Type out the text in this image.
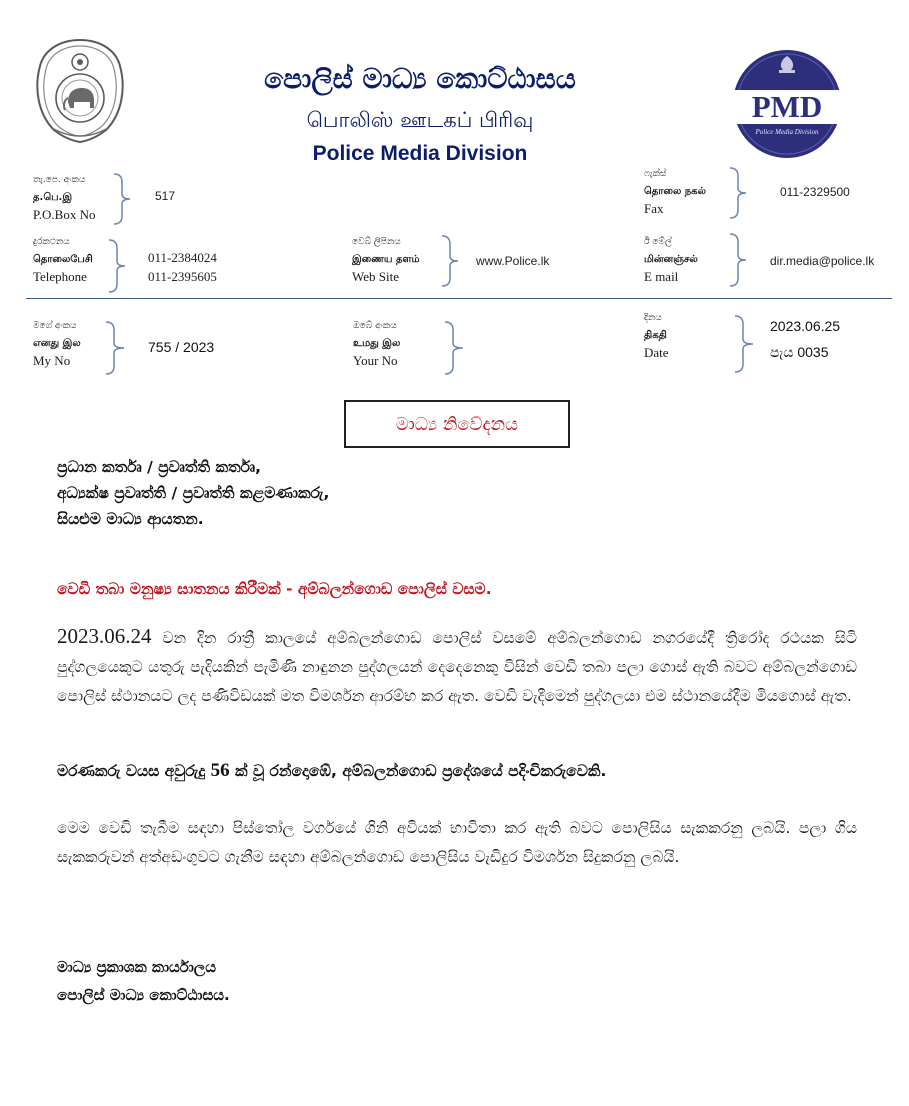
පොලිස් මාධ්‍ය කොට්ඨාසය
பொலிஸ் ஊடகப் பிரிவு
Police Media Division
PMD
Police Media Division
තැ.පෙ. අංකය
த.பெ.இ
P.O.Box No
517
ෆැක්ස්
தொலை நகல்
Fax
011-2329500
දුරකථනය
தொலைபேசி
Telephone
011-2384024
011-2395605
වෙබ් ලිපිනය
இணைய தளம்
Web Site
www.Police.lk
ඊ මේල්
மின்னஞ்சல்
E mail
dir.media@police.lk
මගේ අංකය
எனது இல
My No
755 / 2023
ඔබේ අංකය
உமது இல
Your No
දිනය
திகதி
Date
2023.06.25
පැය 0035
මාධ්‍ය නිවේදනය
ප්‍රධාන කර්තෘ / ප්‍රවෘත්ති කර්තෘ,
අධ්‍යක්ෂ ප්‍රවෘත්ති / ප්‍රවෘත්ති කළමණාකරු,
සියළුම මාධ්‍ය ආයතන.
වෙඩි තබා මනුෂ්‍ය ඝාතනය කිරීමක් - අම්බලන්ගොඩ පොලිස් වසම.
2023.06.24 වන දින රාත්‍රී කාලයේ අම්බලන්ගොඩ පොලිස් වසමේ අම්බලන්ගොඩ නගරයේදී ත්‍රිරෝද රථයක සිටි පුද්ගලයෙකුට යතුරු පැදියකින් පැමිණි නාඳුනන පුද්ගලයන් දෙදෙනෙකු විසින් වෙඩි තබා පලා ගොස් ඇති බවට අම්බලන්ගොඩ පොලිස් ස්ථානයට ලද පණිවිඩයක් මත විමර්ශන ආරම්භ කර ඇත. වෙඩි වැදීමෙන් පුද්ගලයා එම ස්ථානයේදීම මියගොස් ඇත.
මරණකරු වයස අවුරුදු 56 ක් වූ රන්දොඹේ, අම්බලන්ගොඩ ප්‍රදේශයේ පදිංචිකරුවෙකි.
මෙම වෙඩි තැබීම සඳහා පිස්තෝල වර්ගයේ ගිනි අවියක් භාවිතා කර ඇති බවට පොලිසිය සැකකරනු ලබයි. පලා ගිය සැකකරුවන් අත්අඩංගුවට ගැනීම සඳහා අම්බලන්ගොඩ පොලිසිය වැඩිදුර විමර්ශන සිදුකරනු ලබයි.
මාධ්‍ය ප්‍රකාශක කාර්යාලය
පොලිස් මාධ්‍ය කොට්ඨාසය.
